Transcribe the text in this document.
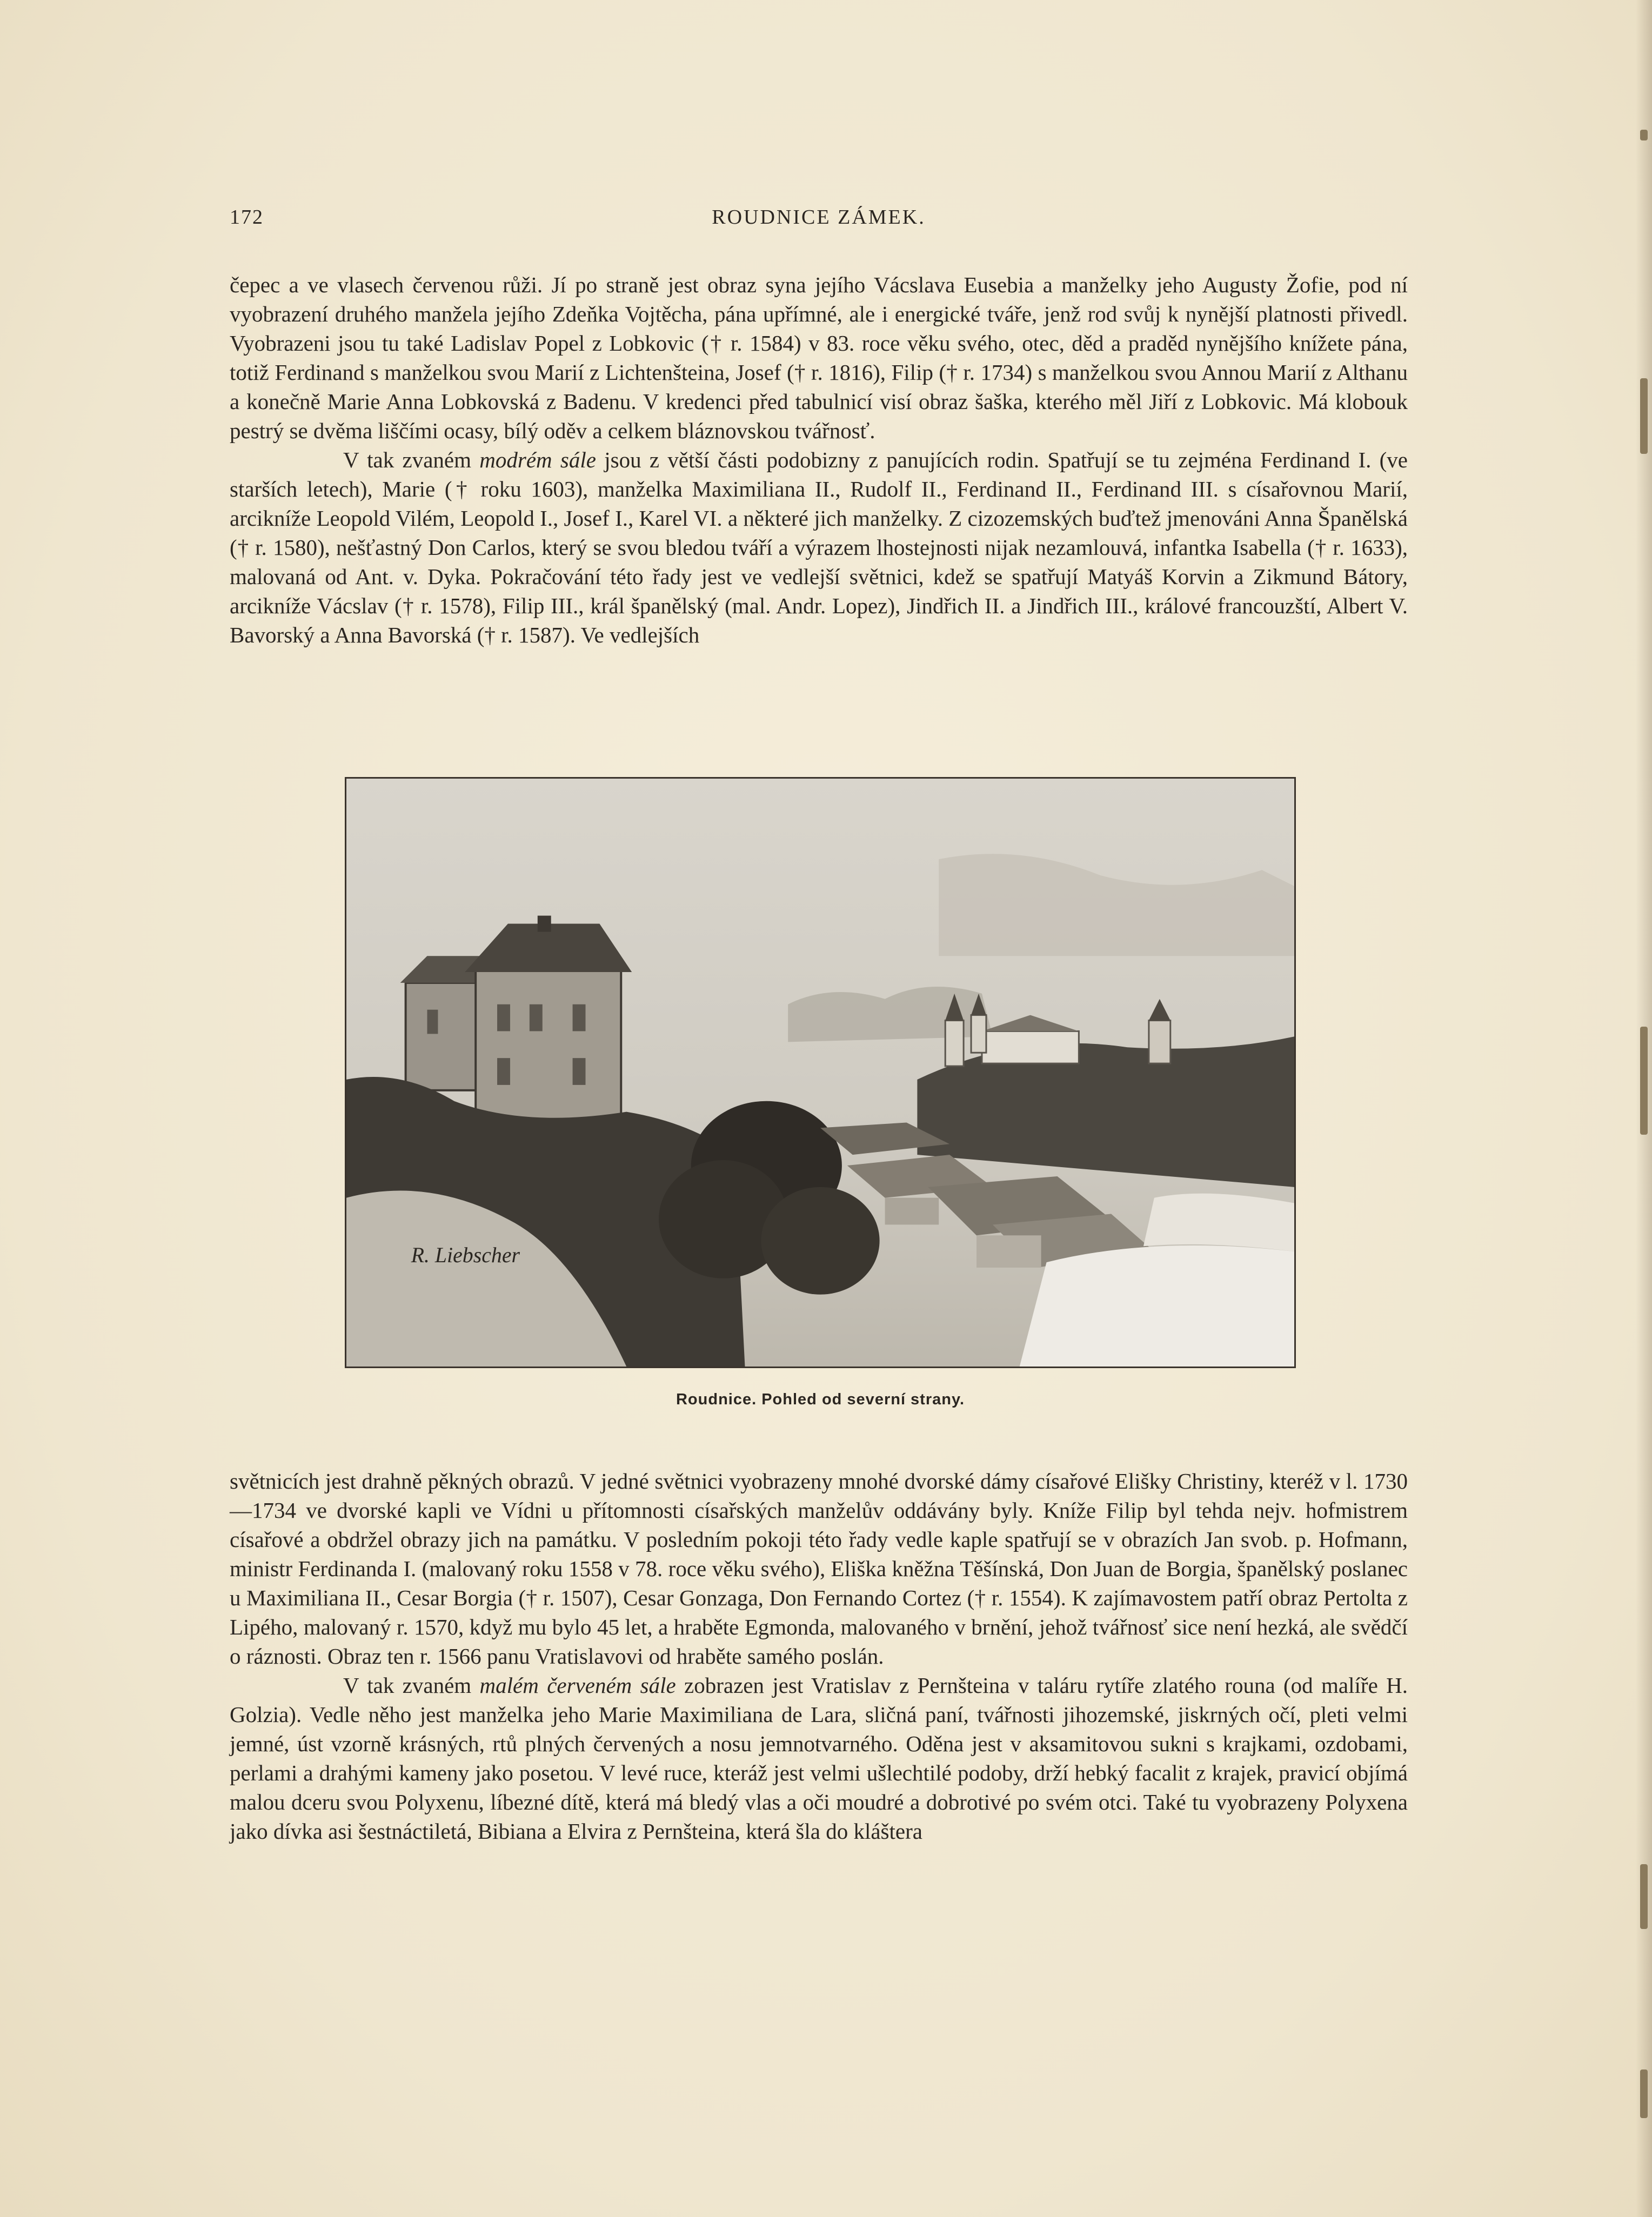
172	ROUDNICE ZÁMEK.

čepec a ve vlasech červenou růži. Jí po straně jest obraz syna jejího Vácslava Eusebia a manželky jeho Augusty Žofie, pod ní vyobrazení druhého manžela jejího Zdeňka Vojtěcha, pána upřímné, ale i energické tváře, jenž rod svůj k nynější platnosti přivedl. Vyobrazeni jsou tu také Ladislav Popel z Lobkovic († r. 1584) v 83. roce věku svého, otec, děd a praděd nynějšího knížete pána, totiž Ferdinand s manželkou svou Marií z Lichtenšteina, Josef († r. 1816), Filip († r. 1734) s manželkou svou Annou Marií z Althanu a konečně Marie Anna Lobkovská z Badenu. V kredenci před tabulnicí visí obraz šaška, kterého měl Jiří z Lobkovic. Má klobouk pestrý se dvěma liščími ocasy, bílý oděv a celkem bláznovskou tvářnosť.

V tak zvaném modrém sále jsou z větší části podobizny z panujících rodin. Spatřují se tu zejména Ferdinand I. (ve starších letech), Marie († roku 1603), manželka Maximiliana II., Rudolf II., Ferdinand II., Ferdinand III. s císařovnou Marií, arcikníže Leopold Vilém, Leopold I., Josef I., Karel VI. a některé jich manželky. Z cizozemských buďtež jmenováni Anna Španělská († r. 1580), nešťastný Don Carlos, který se svou bledou tváří a výrazem lhostejnosti nijak nezamlouvá, infantka Isabella († r. 1633), malovaná od Ant. v. Dyka. Pokračování této řady jest ve vedlejší světnici, kdež se spatřují Matyáš Korvin a Zikmund Bátory, arcikníže Vácslav († r. 1578), Filip III., král španělský (mal. Andr. Lopez), Jindřich II. a Jindřich III., králové francouzští, Albert V. Bavorský a Anna Bavorská († r. 1587). Ve vedlejších

R. Liebscher
Roudnice. Pohled od severní strany.

světnicích jest drahně pěkných obrazů. V jedné světnici vyobrazeny mnohé dvorské dámy císařové Elišky Christiny, kteréž v l. 1730—1734 ve dvorské kapli ve Vídni u přítomnosti císařských manželův oddávány byly. Kníže Filip byl tehda nejv. hofmistrem císařové a obdržel obrazy jich na památku. V posledním pokoji této řady vedle kaple spatřují se v obrazích Jan svob. p. Hofmann, ministr Ferdinanda I. (malovaný roku 1558 v 78. roce věku svého), Eliška kněžna Těšínská, Don Juan de Borgia, španělský poslanec u Maximiliana II., Cesar Borgia († r. 1507), Cesar Gonzaga, Don Fernando Cortez († r. 1554). K zajímavostem patří obraz Pertolta z Lipého, malovaný r. 1570, když mu bylo 45 let, a hraběte Egmonda, malovaného v brnění, jehož tvářnosť sice není hezká, ale svědčí o ráznosti. Obraz ten r. 1566 panu Vratislavovi od hraběte samého poslán.

V tak zvaném malém červeném sále zobrazen jest Vratislav z Pernšteina v taláru rytíře zlatého rouna (od malíře H. Golzia). Vedle něho jest manželka jeho Marie Maximiliana de Lara, sličná paní, tvářnosti jihozemské, jiskrných očí, pleti velmi jemné, úst vzorně krásných, rtů plných červených a nosu jemnotvarného. Oděna jest v aksamitovou sukni s krajkami, ozdobami, perlami a drahými kameny jako posetou. V levé ruce, kteráž jest velmi ušlechtilé podoby, drží hebký facalit z krajek, pravicí objímá malou dceru svou Polyxenu, líbezné dítě, která má bledý vlas a oči moudré a dobrotivé po svém otci. Také tu vyobrazeny Polyxena jako dívka asi šestnáctiletá, Bibiana a Elvira z Pernšteina, která šla do kláštera
